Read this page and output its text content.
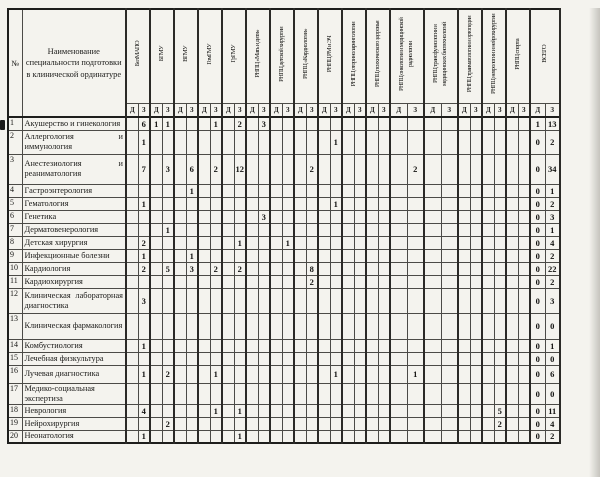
№	Наименование специальности подготовки в клинической ординатуре	БелМАПО		БГМУ		ВГМУ		ГомГМУ		ГрГМУ		РНПЦ «Мать и дитя»		РНПЦ детской хирургии		РНПЦ «Кардиология»		РНПЦ РМ и ЭЧ		РНПЦ оториноларингологии		РНПЦ психического здоровья		РНПЦ онкологии и медицинской радиологии		РНПЦ трансфузиологии и медицинских биотехнологий		РНПЦ травматологии и ортопедии		РНПЦ неврологии и нейрохирургии		РНПЦ спорта		ВСЕГО	
		Д	З	Д	З	Д	З	Д	З	Д	З	Д	З	Д	З	Д	З	Д	З	Д	З	Д	З	Д	З	Д	З	Д	З	Д	З	Д	З	Д	З
1	Акушерство и гинекология		6	1	1				1		2		3																					1	13
2	Аллергология и иммунология		1																1															0	2
3	Анестезиология и реаниматология		7		3		6		2		12						2								2									0	34
4	Гастроэнтерология						1																											0	1
5	Гематология		1																1															0	2
6	Генетика												3																					0	3
7	Дерматовенерология				1																													0	1
8	Детская хирургия		2								1				1																			0	4
9	Инфекционные болезни		1				1																											0	2
10	Кардиология		2		5		3		2		2						8																	0	22
11	Кардиохирургия																2																	0	2
12	Клиническая лабораторная диагностика		3																															0	3
13	Клиническая фармакология																																	0	0
14	Комбустиология		1																															0	1
15	Лечебная физкультура																																	0	0
16	Лучевая диагностика		1		2				1										1						1									0	6
17	Медико-социальная экспертиза																																	0	0
18	Неврология		4						1		1																				5			0	11
19	Нейрохирургия				2																										2			0	4
20	Неонатология		1								1																							0	2
